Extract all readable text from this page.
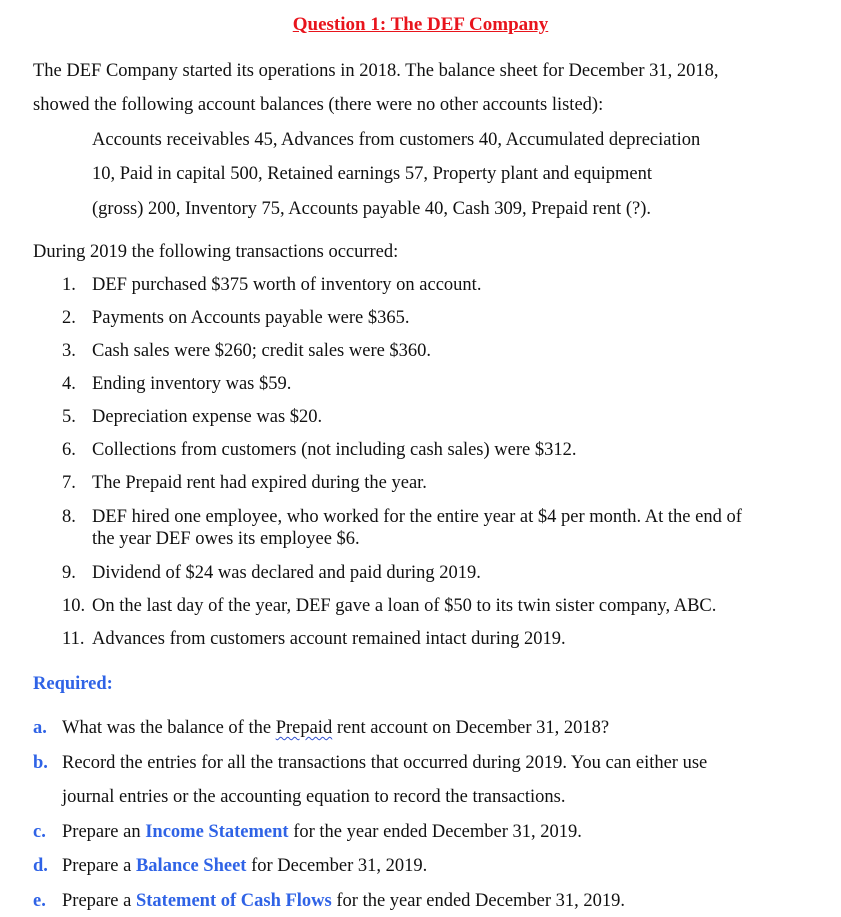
Question 1: The DEF Company
The DEF Company started its operations in 2018. The balance sheet for December 31, 2018,
showed the following account balances (there were no other accounts listed):
Accounts receivables 45, Advances from customers 40, Accumulated depreciation
10, Paid in capital 500, Retained earnings 57, Property plant and equipment
(gross) 200, Inventory 75, Accounts payable 40, Cash 309, Prepaid rent (?).
During 2019 the following transactions occurred:
1. DEF purchased $375 worth of inventory on account.
2. Payments on Accounts payable were $365.
3. Cash sales were $260; credit sales were $360.
4. Ending inventory was $59.
5. Depreciation expense was $20.
6. Collections from customers (not including cash sales) were $312.
7. The Prepaid rent had expired during the year.
8. DEF hired one employee, who worked for the entire year at $4 per month. At the end of
the year DEF owes its employee $6.
9. Dividend of $24 was declared and paid during 2019.
10. On the last day of the year, DEF gave a loan of $50 to its twin sister company, ABC.
11. Advances from customers account remained intact during 2019.
Required:
a. What was the balance of the Prepaid rent account on December 31, 2018?
b. Record the entries for all the transactions that occurred during 2019. You can either use
journal entries or the accounting equation to record the transactions.
c. Prepare an Income Statement for the year ended December 31, 2019.
d. Prepare a Balance Sheet for December 31, 2019.
e. Prepare a Statement of Cash Flows for the year ended December 31, 2019.
